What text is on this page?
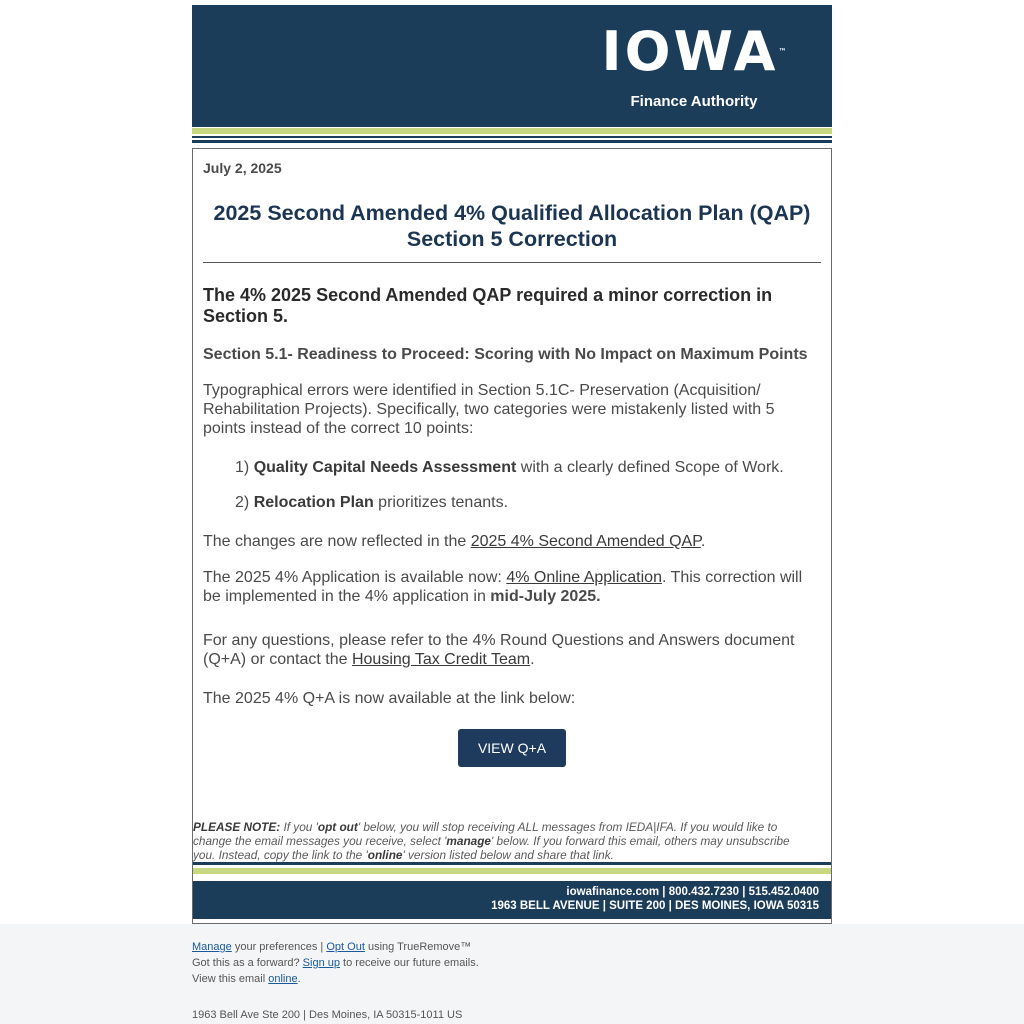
IOWA™
Finance Authority
July 2, 2025
2025 Second Amended 4% Qualified Allocation Plan (QAP)
Section 5 Correction
The 4% 2025 Second Amended QAP required a minor correction in Section 5.
Section 5.1- Readiness to Proceed: Scoring with No Impact on Maximum Points

Typographical errors were identified in Section 5.1C- Preservation (Acquisition/ Rehabilitation Projects). Specifically, two categories were mistakenly listed with 5 points instead of the correct 10 points:

1) Quality Capital Needs Assessment with a clearly defined Scope of Work.
2) Relocation Plan prioritizes tenants.

The changes are now reflected in the 2025 4% Second Amended QAP.

The 2025 4% Application is available now: 4% Online Application. This correction will be implemented in the 4% application in mid-July 2025.

For any questions, please refer to the 4% Round Questions and Answers document (Q+A) or contact the Housing Tax Credit Team.

The 2025 4% Q+A is now available at the link below:

VIEW Q+A
PLEASE NOTE: If you 'opt out' below, you will stop receiving ALL messages from IEDA|IFA. If you would like to change the email messages you receive, select 'manage' below. If you forward this email, others may unsubscribe you. Instead, copy the link to the 'online' version listed below and share that link.
iowafinance.com | 800.432.7230 | 515.452.0400
1963 BELL AVENUE | SUITE 200 | DES MOINES, IOWA 50315
Manage your preferences | Opt Out using TrueRemove™
Got this as a forward? Sign up to receive our future emails.
View this email online.
1963 Bell Ave Ste 200 | Des Moines, IA 50315-1011 US
